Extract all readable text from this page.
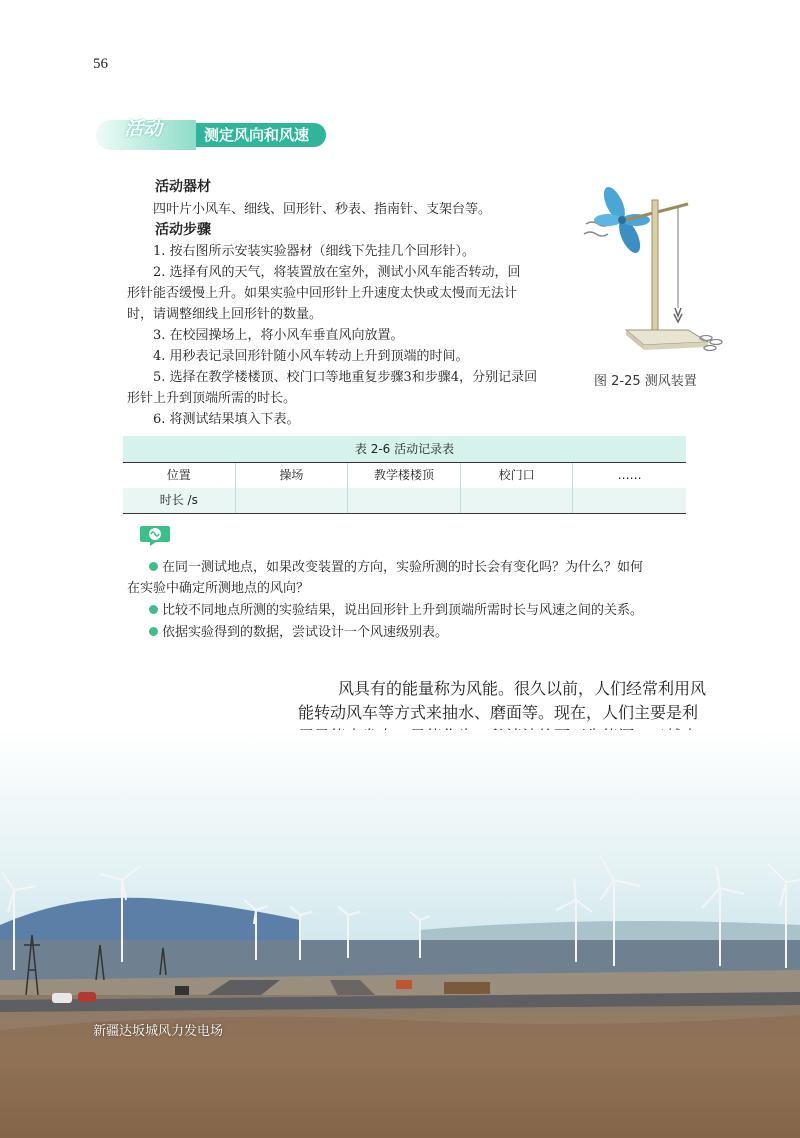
56
活动	测定风向和风速
活动器材
四叶片小风车、细线、回形针、秒表、指南针、支架台等。
活动步骤
1. 按右图所示安装实验器材（细线下先挂几个回形针）。
2. 选择有风的天气，将装置放在室外，测试小风车能否转动，回
形针能否缓慢上升。如果实验中回形针上升速度太快或太慢而无法计
时，请调整细线上回形针的数量。
3. 在校园操场上，将小风车垂直风向放置。
4. 用秒表记录回形针随小风车转动上升到顶端的时间。
5. 选择在教学楼楼顶、校门口等地重复步骤3和步骤4，分别记录回
形针上升到顶端所需的时长。
6. 将测试结果填入下表。
图 2-25 测风装置
表 2-6 活动记录表
位置	操场	教学楼楼顶	校门口	……
时长 /s
在同一测试地点，如果改变装置的方向，实验所测的时长会有变化吗？为什么？如何
在实验中确定所测地点的风向？
比较不同地点所测的实验结果，说出回形针上升到顶端所需时长与风速之间的关系。
依据实验得到的数据，尝试设计一个风速级别表。
风具有的能量称为风能。很久以前，人们经常利用风
能转动风车等方式来抽水、磨面等。现在，人们主要是利
新疆达坂城风力发电场
